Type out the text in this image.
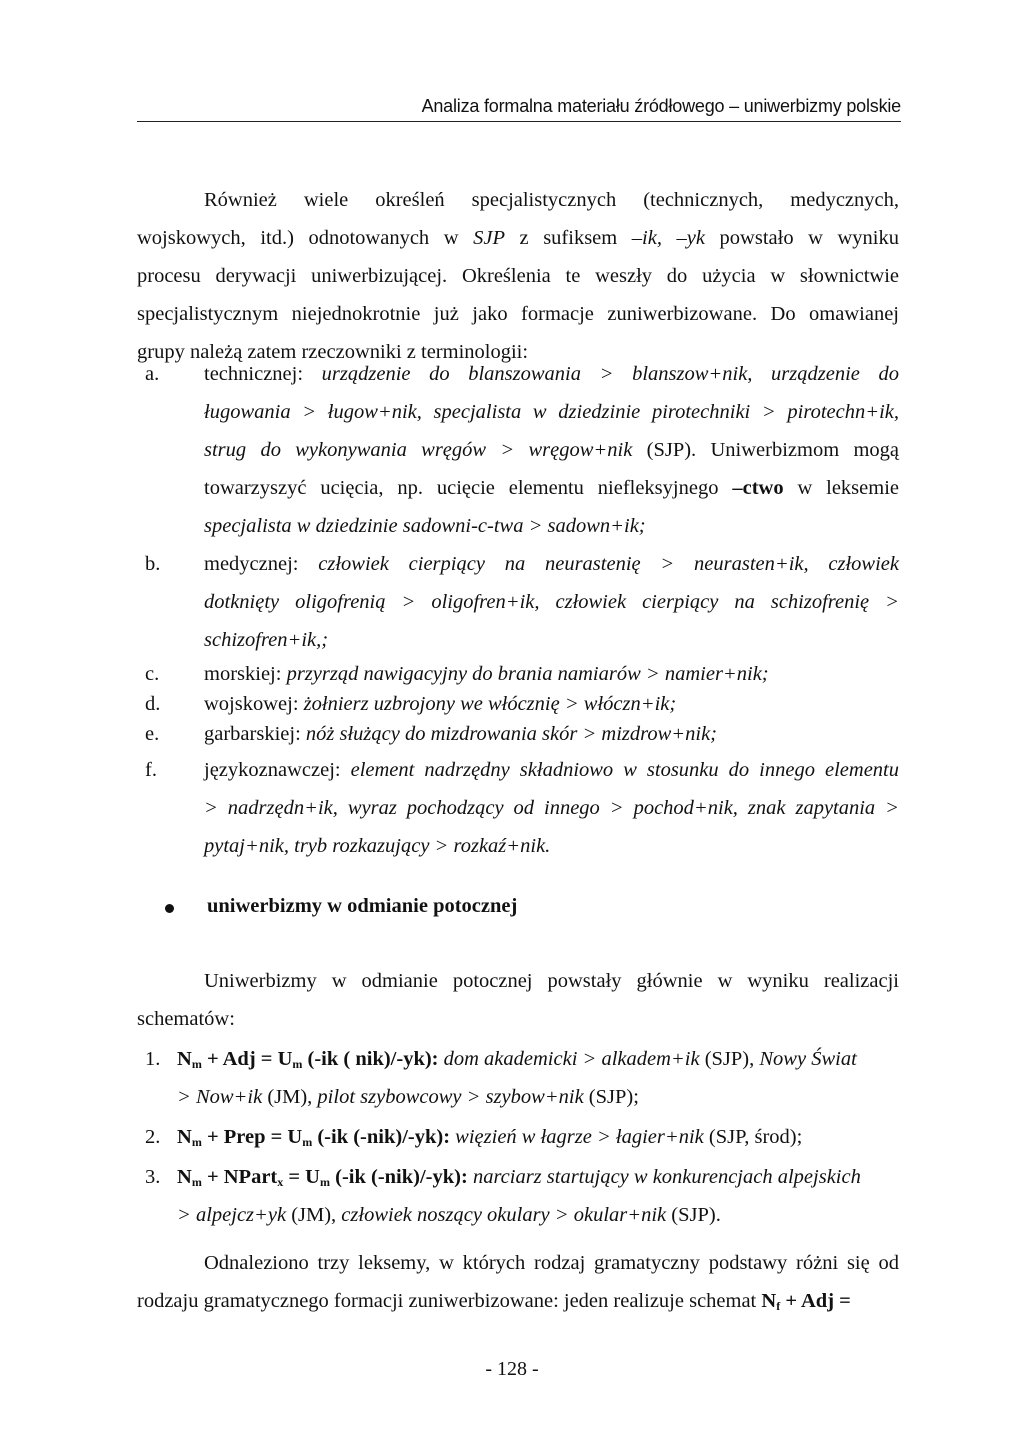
Analiza formalna materiału źródłowego – uniwerbizmy polskie
Również wiele określeń specjalistycznych (technicznych, medycznych,
wojskowych, itd.) odnotowanych w SJP z sufiksem –ik, –yk powstało w wyniku
procesu derywacji uniwerbizującej. Określenia te weszły do użycia w słownictwie
specjalistycznym niejednokrotnie już jako formacje zuniwerbizowane. Do omawianej
grupy należą zatem rzeczowniki z terminologii:
a. technicznej: urządzenie do blanszowania > blanszow+nik, urządzenie do
ługowania > ługow+nik, specjalista w dziedzinie pirotechniki > pirotechn+ik,
strug do wykonywania wręgów > wręgow+nik (SJP). Uniwerbizmom mogą
towarzyszyć ucięcia, np. ucięcie elementu niefleksyjnego –ctwo w leksemie
specjalista w dziedzinie sadowni-c-twa > sadown+ik;
b. medycznej: człowiek cierpiący na neurastenię > neurasten+ik, człowiek
dotknięty oligofrenią > oligofren+ik, człowiek cierpiący na schizofrenię >
schizofren+ik,;
c. morskiej: przyrząd nawigacyjny do brania namiarów > namier+nik;
d. wojskowej: żołnierz uzbrojony we włócznię > włóczn+ik;
e. garbarskiej: nóż służący do mizdrowania skór > mizdrow+nik;
f. językoznawczej: element nadrzędny składniowo w stosunku do innego elementu
> nadrzędn+ik, wyraz pochodzący od innego > pochod+nik, znak zapytania >
pytaj+nik, tryb rozkazujący > rozkaź+nik.
uniwerbizmy w odmianie potocznej
Uniwerbizmy w odmianie potocznej powstały głównie w wyniku realizacji
schematów:
1. $N_m$ + Adj = $U_m$ (-ik ( nik)/-yk): dom akademicki > alkadem+ik (SJP), Nowy Świat
> Now+ik (JM), pilot szybowcowy > szybow+nik (SJP);
2. $N_m$ + Prep = $U_m$ (-ik (-nik)/-yk): więzień w łagrze > łagier+nik (SJP, środ);
3. $N_m$ + NPart$_x$ = $U_m$ (-ik (-nik)/-yk): narciarz startujący w konkurencjach alpejskich
> alpejcz+yk (JM), człowiek noszący okulary > okular+nik (SJP).
Odnaleziono trzy leksemy, w których rodzaj gramatyczny podstawy różni się od
rodzaju gramatycznego formacji zuniwerbizowane: jeden realizuje schemat $N_f$ + Adj =
- 128 -
